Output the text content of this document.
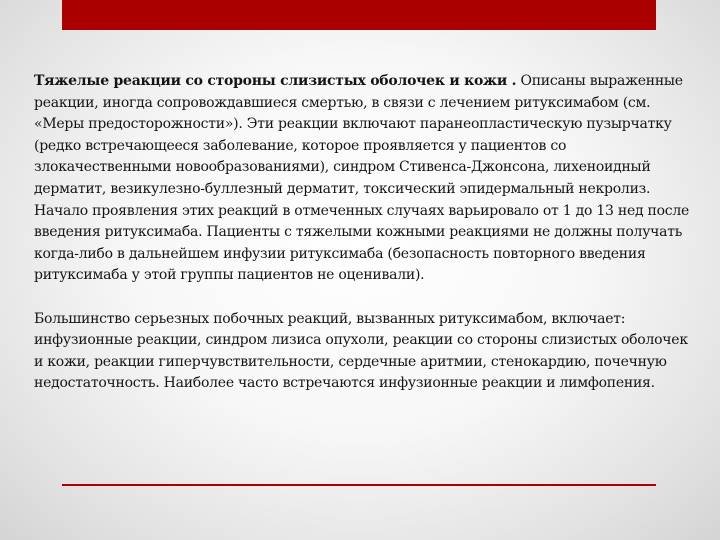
Тяжелые реакции со стороны слизистых оболочек и кожи . Описаны выраженные реакции, иногда сопровождавшиеся смертью, в связи с лечением ритуксимабом (см. «Меры предосторожности»). Эти реакции включают паранеопластическую пузырчатку (редко встречающееся заболевание, которое проявляется у пациентов со злокачественными новообразованиями), синдром Стивенса-Джонсона, лихеноидный дерматит, везикулезно-буллезный дерматит, токсический эпидермальный некролиз. Начало проявления этих реакций в отмеченных случаях варьировало от 1 до 13 нед после введения ритуксимаба. Пациенты с тяжелыми кожными реакциями не должны получать когда-либо в дальнейшем инфузии ритуксимаба (безопасность повторного введения ритуксимаба у этой группы пациентов не оценивали).

Большинство серьезных побочных реакций, вызванных ритуксимабом, включает: инфузионные реакции, синдром лизиса опухоли, реакции со стороны слизистых оболочек и кожи, реакции гиперчувствительности, сердечные аритмии, стенокардию, почечную недостаточность. Наиболее часто встречаются инфузионные реакции и лимфопения.
